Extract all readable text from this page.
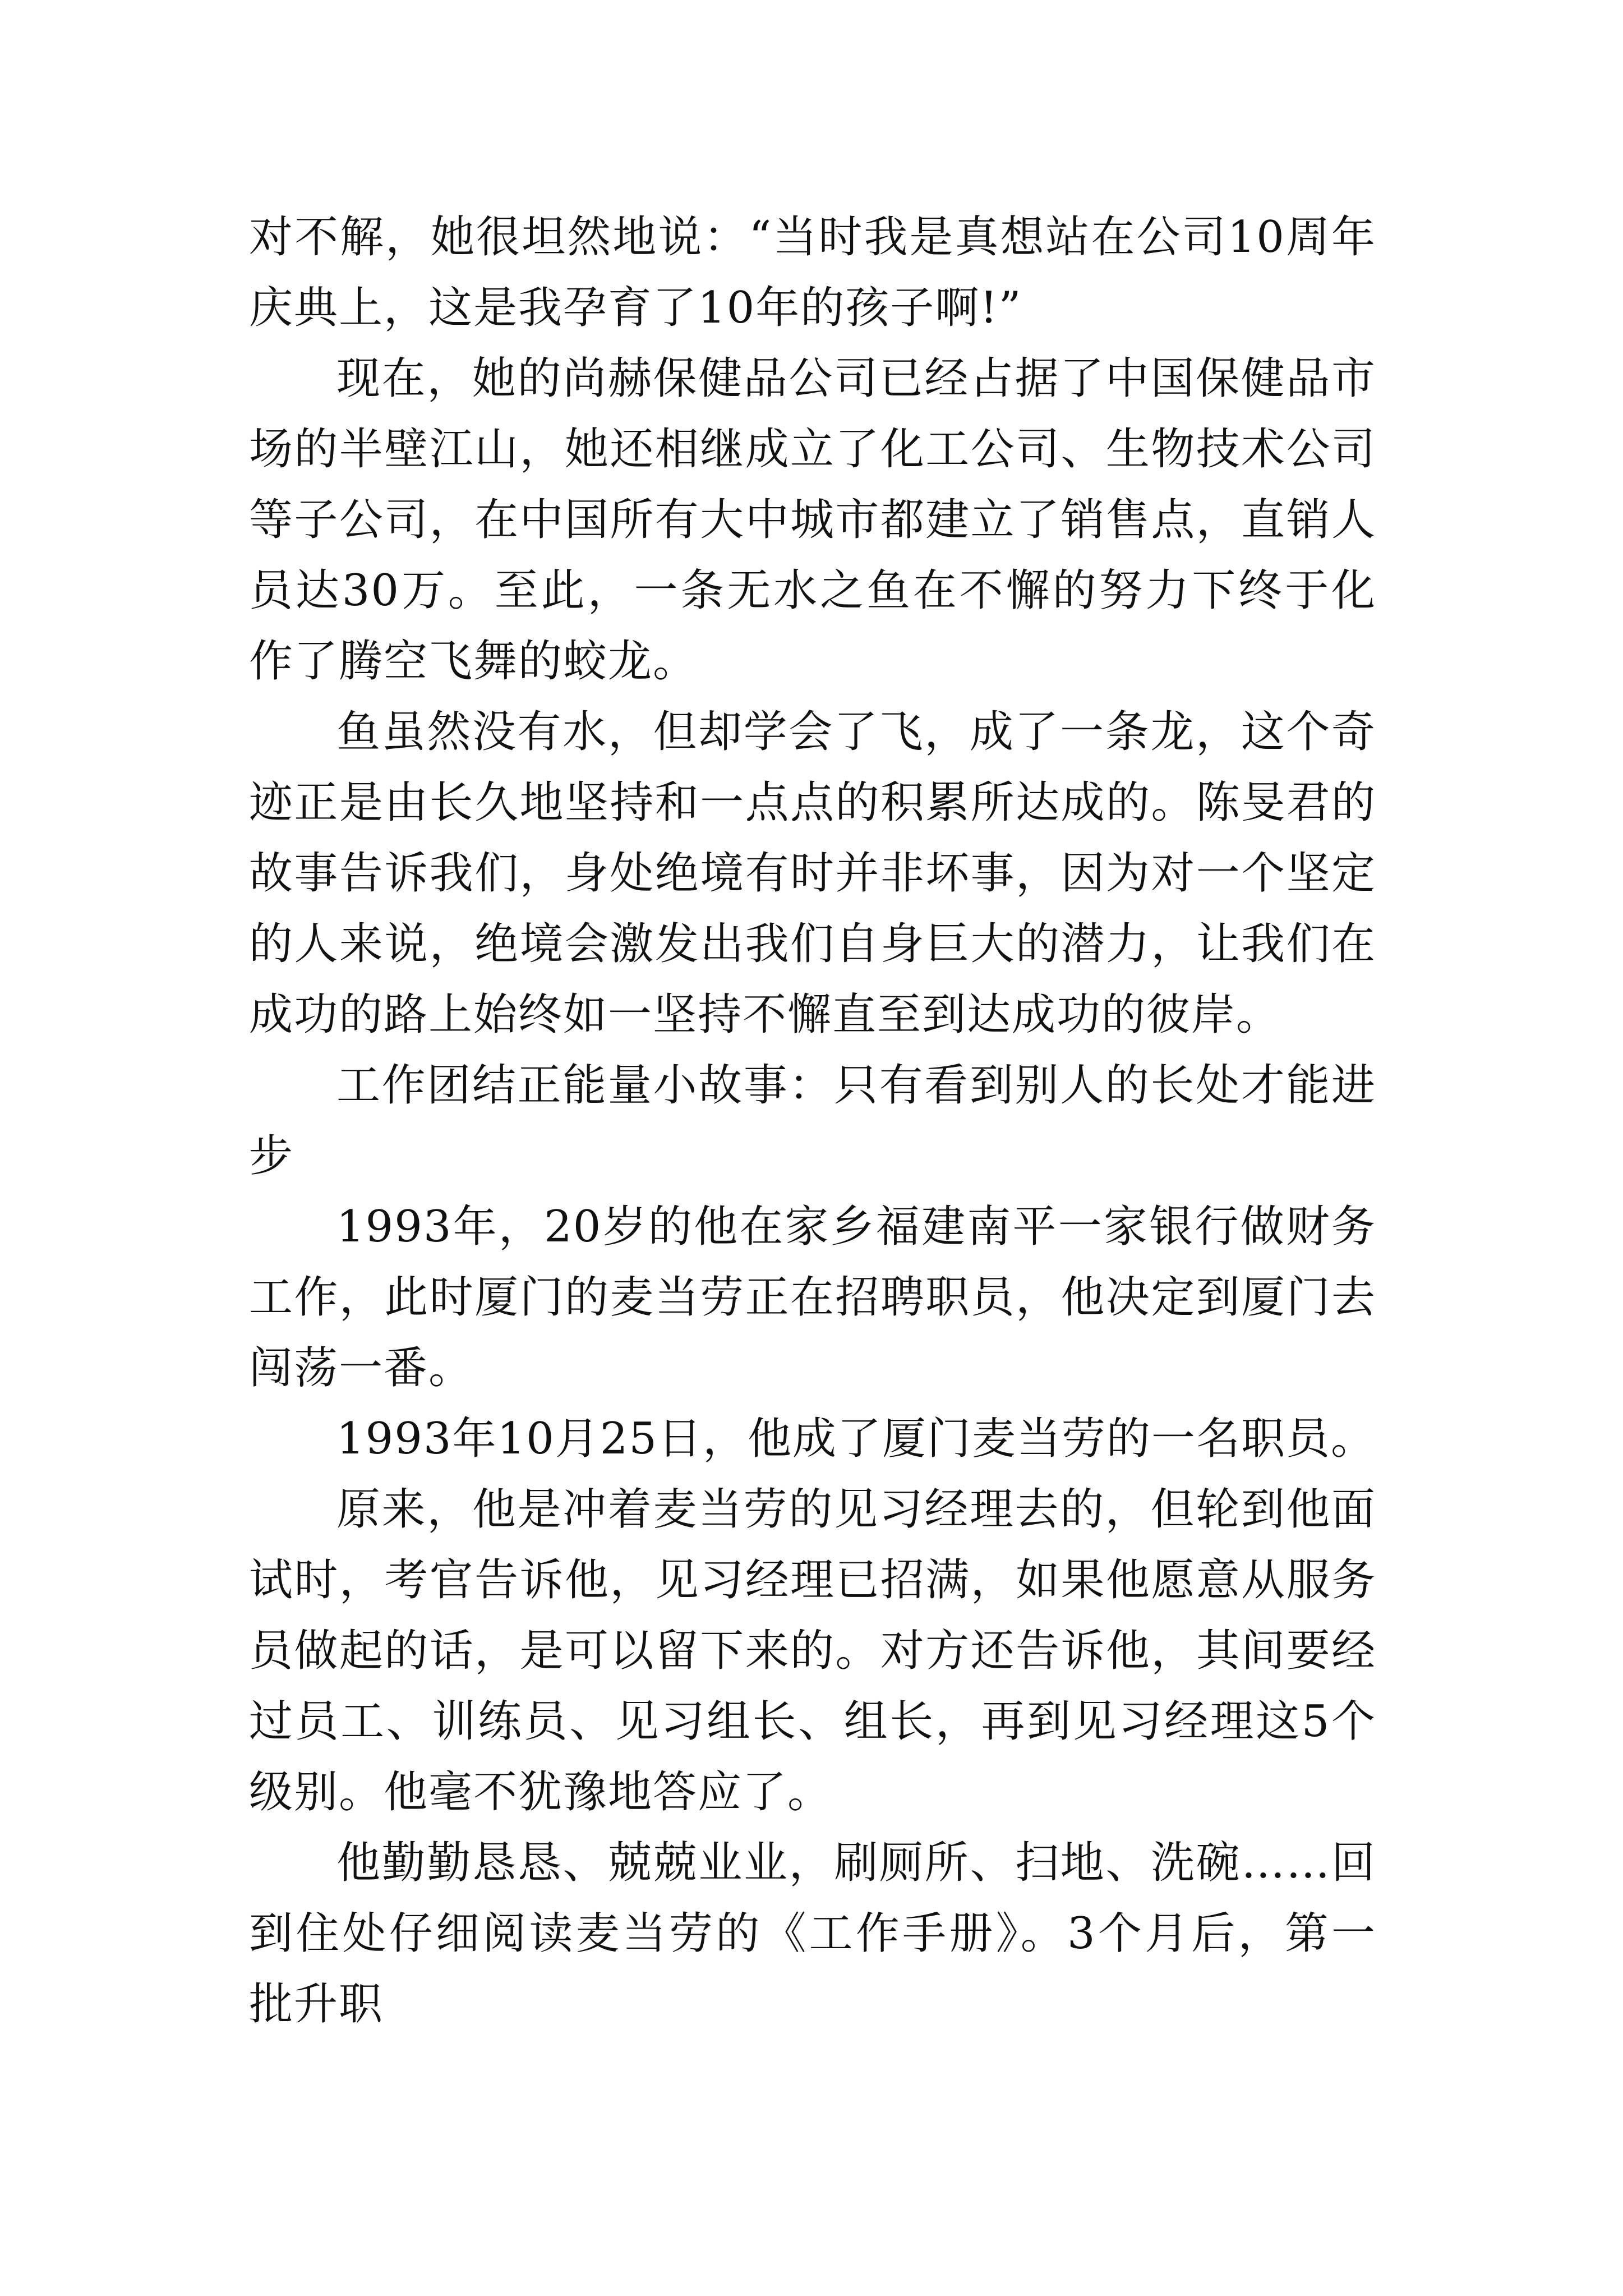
对不解，她很坦然地说：“当时我是真想站在公司10周年庆典上，这是我孕育了10年的孩子啊!”

现在，她的尚赫保健品公司已经占据了中国保健品市场的半壁江山，她还相继成立了化工公司、生物技术公司等子公司，在中国所有大中城市都建立了销售点，直销人员达30万。至此，一条无水之鱼在不懈的努力下终于化作了腾空飞舞的蛟龙。

鱼虽然没有水，但却学会了飞，成了一条龙，这个奇迹正是由长久地坚持和一点点的积累所达成的。陈旻君的故事告诉我们，身处绝境有时并非坏事，因为对一个坚定的人来说，绝境会激发出我们自身巨大的潜力，让我们在成功的路上始终如一坚持不懈直至到达成功的彼岸。

工作团结正能量小故事：只有看到别人的长处才能进步

1993年，20岁的他在家乡福建南平一家银行做财务工作，此时厦门的麦当劳正在招聘职员，他决定到厦门去闯荡一番。

1993年10月25日，他成了厦门麦当劳的一名职员。

原来，他是冲着麦当劳的见习经理去的，但轮到他面试时，考官告诉他，见习经理已招满，如果他愿意从服务员做起的话，是可以留下来的。对方还告诉他，其间要经过员工、训练员、见习组长、组长，再到见习经理这5个级别。他毫不犹豫地答应了。

他勤勤恳恳、兢兢业业，刷厕所、扫地、洗碗……回到住处仔细阅读麦当劳的《工作手册》。3个月后，第一批升职
